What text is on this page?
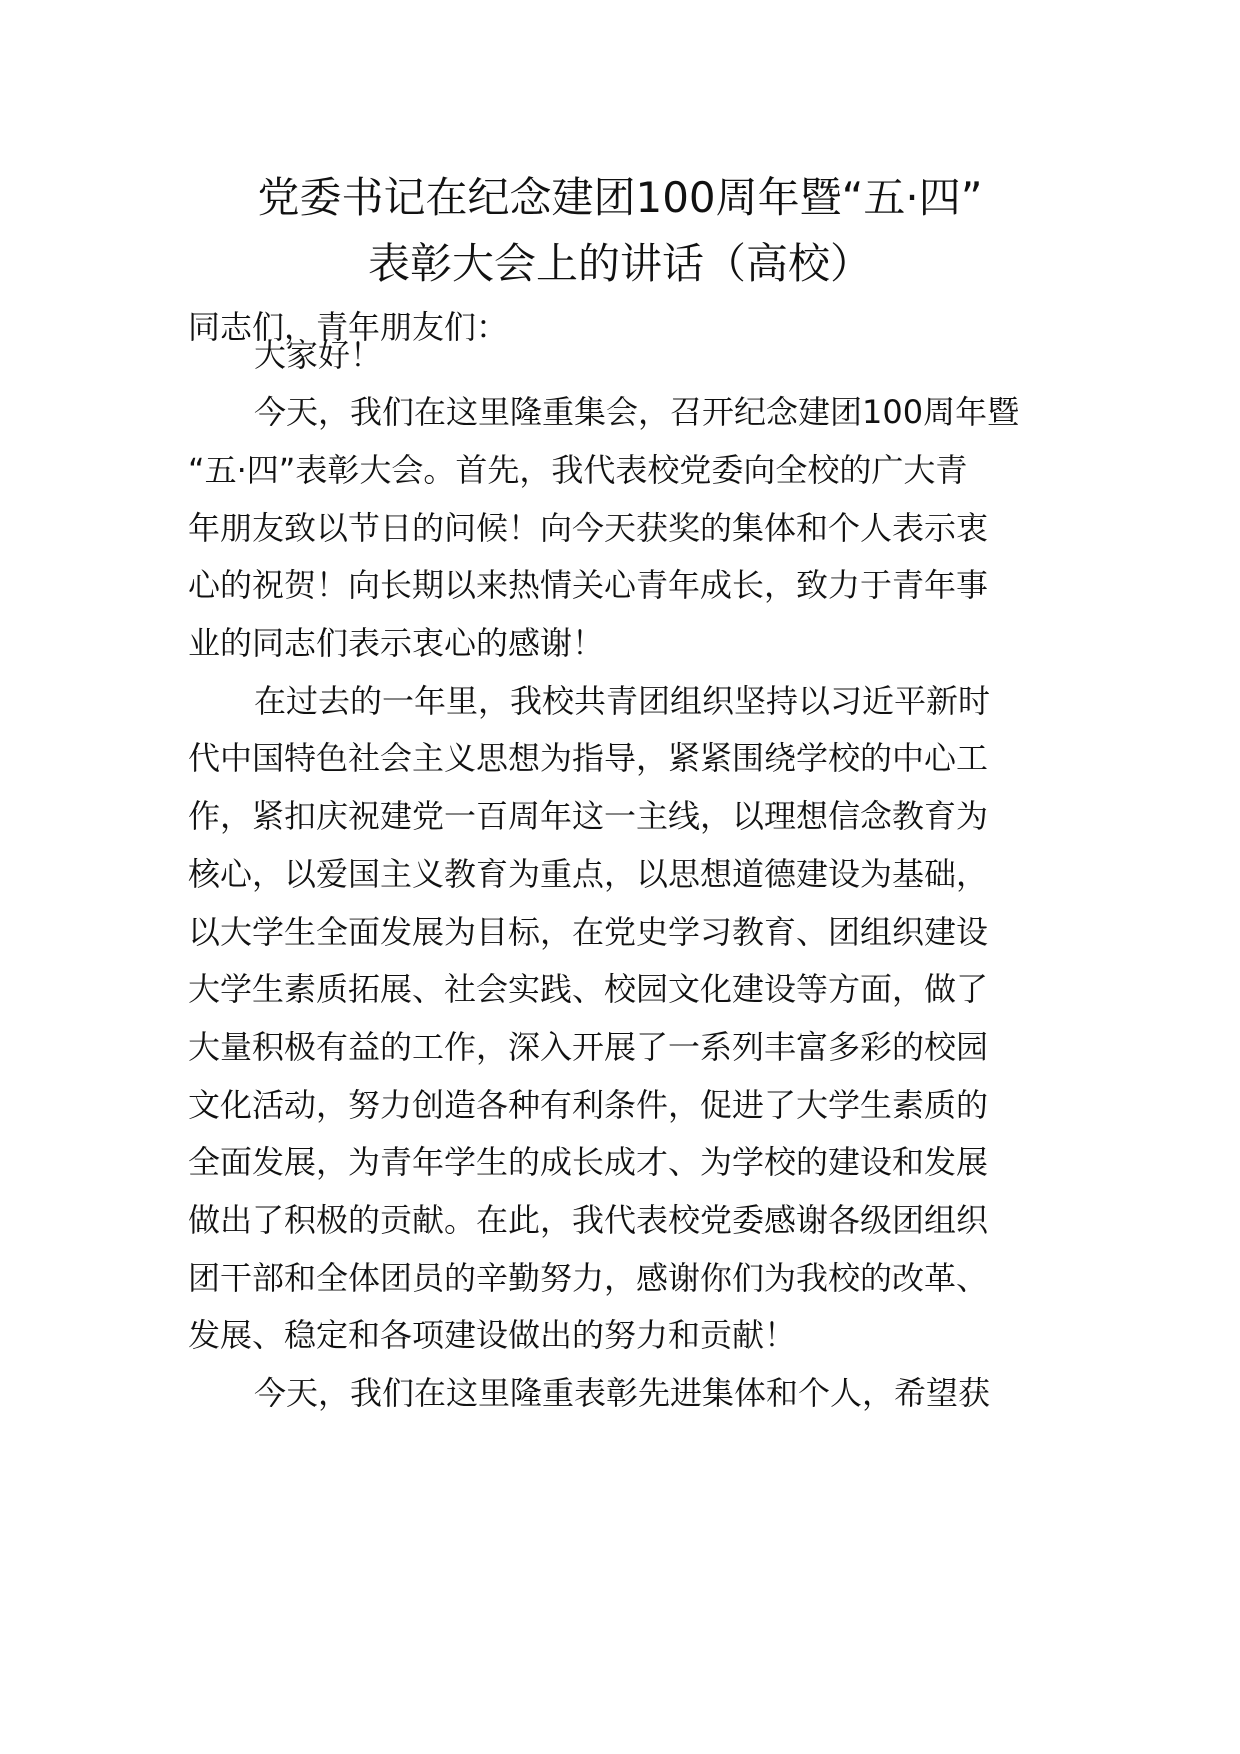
党委书记在纪念建团100周年暨“五·四”
表彰大会上的讲话（高校）
同志们，青年朋友们：
大家好！
今天，我们在这里隆重集会，召开纪念建团100周年暨
“五·四”表彰大会。首先，我代表校党委向全校的广大青
年朋友致以节日的问候！向今天获奖的集体和个人表示衷
心的祝贺！向长期以来热情关心青年成长，致力于青年事
业的同志们表示衷心的感谢！
在过去的一年里，我校共青团组织坚持以习近平新时
代中国特色社会主义思想为指导，紧紧围绕学校的中心工
作，紧扣庆祝建党一百周年这一主线，以理想信念教育为
核心，以爱国主义教育为重点，以思想道德建设为基础，
以大学生全面发展为目标，在党史学习教育、团组织建设
大学生素质拓展、社会实践、校园文化建设等方面，做了
大量积极有益的工作，深入开展了一系列丰富多彩的校园
文化活动，努力创造各种有利条件，促进了大学生素质的
全面发展，为青年学生的成长成才、为学校的建设和发展
做出了积极的贡献。在此，我代表校党委感谢各级团组织
团干部和全体团员的辛勤努力，感谢你们为我校的改革、
发展、稳定和各项建设做出的努力和贡献！
今天，我们在这里隆重表彰先进集体和个人，希望获
